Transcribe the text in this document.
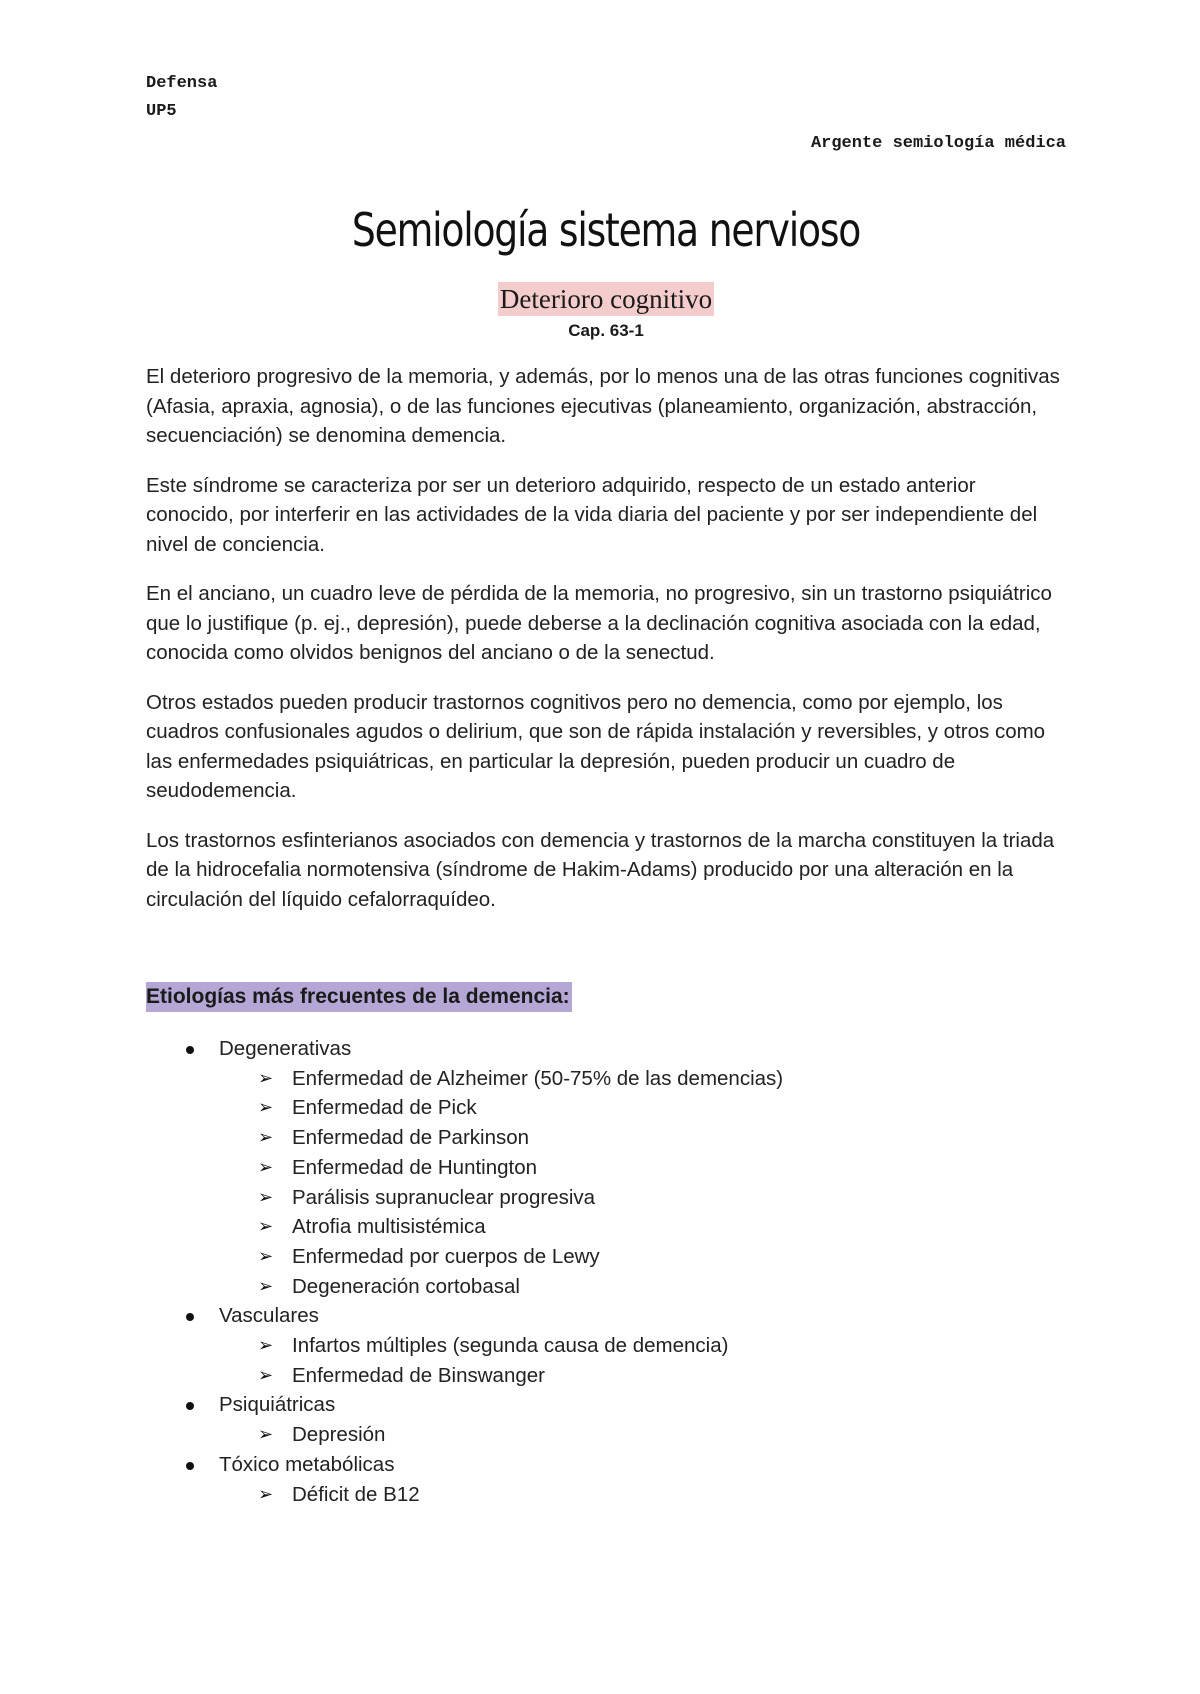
Defensa
UP5
Argente semiología médica
Semiología sistema nervioso
Deterioro cognitivo
Cap. 63-1

El deterioro progresivo de la memoria, y además, por lo menos una de las otras funciones cognitivas (Afasia, apraxia, agnosia), o de las funciones ejecutivas (planeamiento, organización, abstracción, secuenciación) se denomina demencia.

Este síndrome se caracteriza por ser un deterioro adquirido, respecto de un estado anterior conocido, por interferir en las actividades de la vida diaria del paciente y por ser independiente del nivel de conciencia.

En el anciano, un cuadro leve de pérdida de la memoria, no progresivo, sin un trastorno psiquiátrico que lo justifique (p. ej., depresión), puede deberse a la declinación cognitiva asociada con la edad, conocida como olvidos benignos del anciano o de la senectud.

Otros estados pueden producir trastornos cognitivos pero no demencia, como por ejemplo, los cuadros confusionales agudos o delirium, que son de rápida instalación y reversibles, y otros como las enfermedades psiquiátricas, en particular la depresión, pueden producir un cuadro de seudodemencia.

Los trastornos esfinterianos asociados con demencia y trastornos de la marcha constituyen la triada de la hidrocefalia normotensiva (síndrome de Hakim-Adams) producido por una alteración en la circulación del líquido cefalorraquídeo.

Etiologías más frecuentes de la demencia:
Degenerativas
➢ Enfermedad de Alzheimer (50-75% de las demencias)
➢ Enfermedad de Pick
➢ Enfermedad de Parkinson
➢ Enfermedad de Huntington
➢ Parálisis supranuclear progresiva
➢ Atrofia multisistémica
➢ Enfermedad por cuerpos de Lewy
➢ Degeneración cortobasal
Vasculares
➢ Infartos múltiples (segunda causa de demencia)
➢ Enfermedad de Binswanger
Psiquiátricas
➢ Depresión
Tóxico metabólicas
➢ Déficit de B12
